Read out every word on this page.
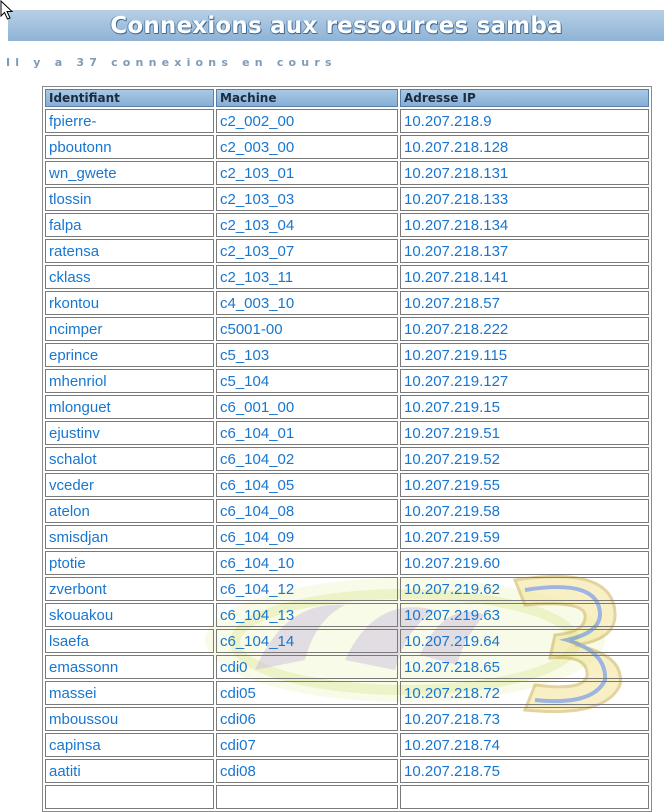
Connexions aux ressources samba
Il y a 37 connexions en cours
Identifiant	Machine	Adresse IP
fpierre-	c2_002_00	10.207.218.9
pboutonn	c2_003_00	10.207.218.128
wn_gwete	c2_103_01	10.207.218.131
tlossin	c2_103_03	10.207.218.133
falpa	c2_103_04	10.207.218.134
ratensa	c2_103_07	10.207.218.137
cklass	c2_103_11	10.207.218.141
rkontou	c4_003_10	10.207.218.57
ncimper	c5001-00	10.207.218.222
eprince	c5_103	10.207.219.115
mhenriol	c5_104	10.207.219.127
mlonguet	c6_001_00	10.207.219.15
ejustinv	c6_104_01	10.207.219.51
schalot	c6_104_02	10.207.219.52
vceder	c6_104_05	10.207.219.55
atelon	c6_104_08	10.207.219.58
smisdjan	c6_104_09	10.207.219.59
ptotie	c6_104_10	10.207.219.60
zverbont	c6_104_12	10.207.219.62
skouakou	c6_104_13	10.207.219.63
lsaefa	c6_104_14	10.207.219.64
emassonn	cdi0	10.207.218.65
massei	cdi05	10.207.218.72
mboussou	cdi06	10.207.218.73
capinsa	cdi07	10.207.218.74
aatiti	cdi08	10.207.218.75
